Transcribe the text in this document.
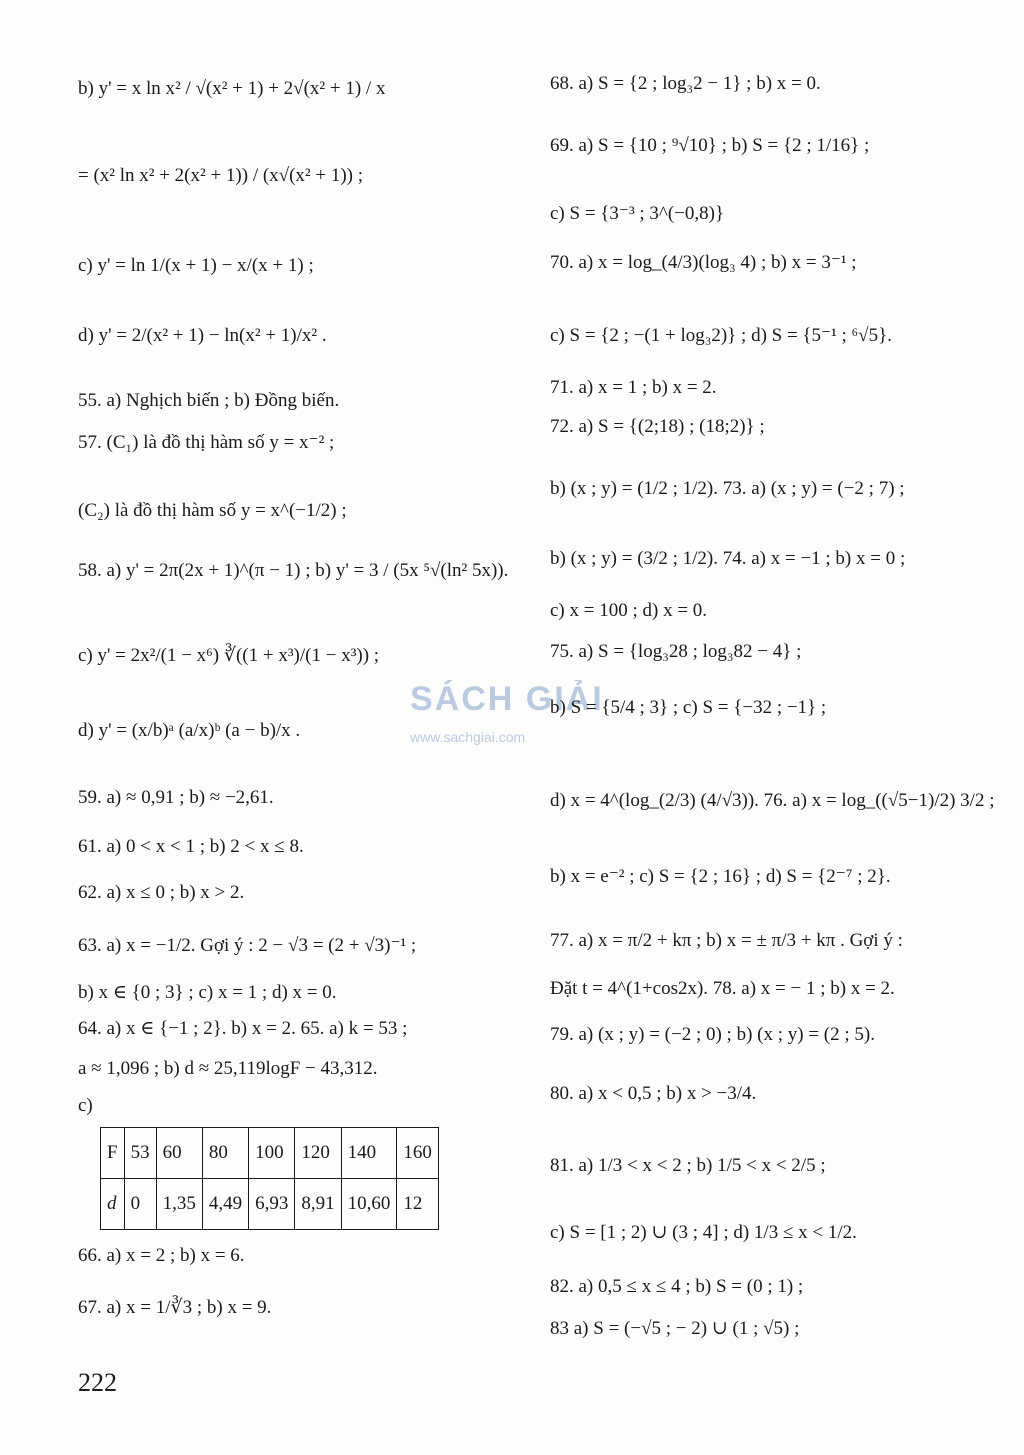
SÁCH GIẢI
www.sachgiai.com
b) y' = x ln x² / √(x² + 1) + 2√(x² + 1) / x
= (x² ln x² + 2(x² + 1)) / (x√(x² + 1)) ;
c) y' = ln 1/(x + 1) − x/(x + 1) ;
d) y' = 2/(x² + 1) − ln(x² + 1)/x² .
55. a) Nghịch biến ; b) Đồng biến.
57. (C₁) là đồ thị hàm số y = x⁻² ;
(C₂) là đồ thị hàm số y = x^(−1/2) ;
58. a) y' = 2π(2x + 1)^(π − 1) ; b) y' = 3 / (5x ⁵√(ln² 5x)).
c) y' = 2x²/(1 − x⁶) ∛((1 + x³)/(1 − x³)) ;
d) y' = (x/b)ᵃ (a/x)ᵇ (a − b)/x .
59. a) ≈ 0,91 ; b) ≈ −2,61.
61. a) 0 < x < 1 ; b) 2 < x ≤ 8.
62. a) x ≤ 0 ; b) x > 2.
63. a) x = −1/2. Gợi ý : 2 − √3 = (2 + √3)⁻¹ ;
b) x ∈ {0 ; 3} ; c) x = 1 ; d) x = 0.
64. a) x ∈ {−1 ; 2}. b) x = 2. 65. a) k = 53 ;
a ≈ 1,096 ; b) d ≈ 25,119logF − 43,312.
c)
66. a) x = 2 ; b) x = 6.
67. a) x = 1/∛3 ; b) x = 9.
68. a) S = {2 ; log₃2 − 1} ; b) x = 0.
69. a) S = {10 ; ⁹√10} ; b) S = {2 ; 1/16} ;
c) S = {3⁻³ ; 3^(−0,8)}
70. a) x = log_(4/3)(log₃ 4) ; b) x = 3⁻¹ ;
c) S = {2 ; −(1 + log₃2)} ; d) S = {5⁻¹ ; ⁶√5}.
71. a) x = 1 ; b) x = 2.
72. a) S = {(2;18) ; (18;2)} ;
b) (x ; y) = (1/2 ; 1/2). 73. a) (x ; y) = (−2 ; 7) ;
b) (x ; y) = (3/2 ; 1/2). 74. a) x = −1 ; b) x = 0 ;
c) x = 100 ; d) x = 0.
75. a) S = {log₃28 ; log₃82 − 4} ;
b) S = {5/4 ; 3} ; c) S = {−32 ; −1} ;
d) x = 4^(log_(2/3) (4/√3)). 76. a) x = log_((√5−1)/2) 3/2 ;
b) x = e⁻² ; c) S = {2 ; 16} ; d) S = {2⁻⁷ ; 2}.
77. a) x = π/2 + kπ ; b) x = ± π/3 + kπ . Gợi ý :
Đặt t = 4^(1+cos2x). 78. a) x = − 1 ; b) x = 2.
79. a) (x ; y) = (−2 ; 0) ; b) (x ; y) = (2 ; 5).
80. a) x < 0,5 ; b) x > −3/4.
81. a) 1/3 < x < 2 ; b) 1/5 < x < 2/5 ;
c) S = [1 ; 2) ∪ (3 ; 4] ; d) 1/3 ≤ x < 1/2.
82. a) 0,5 ≤ x ≤ 4 ; b) S = (0 ; 1) ;
83 a) S = (−√5 ; − 2) ∪ (1 ; √5) ;
F	53	60	80	100	120	140	160
d	0	1,35	4,49	6,93	8,91	10,60	12
222
